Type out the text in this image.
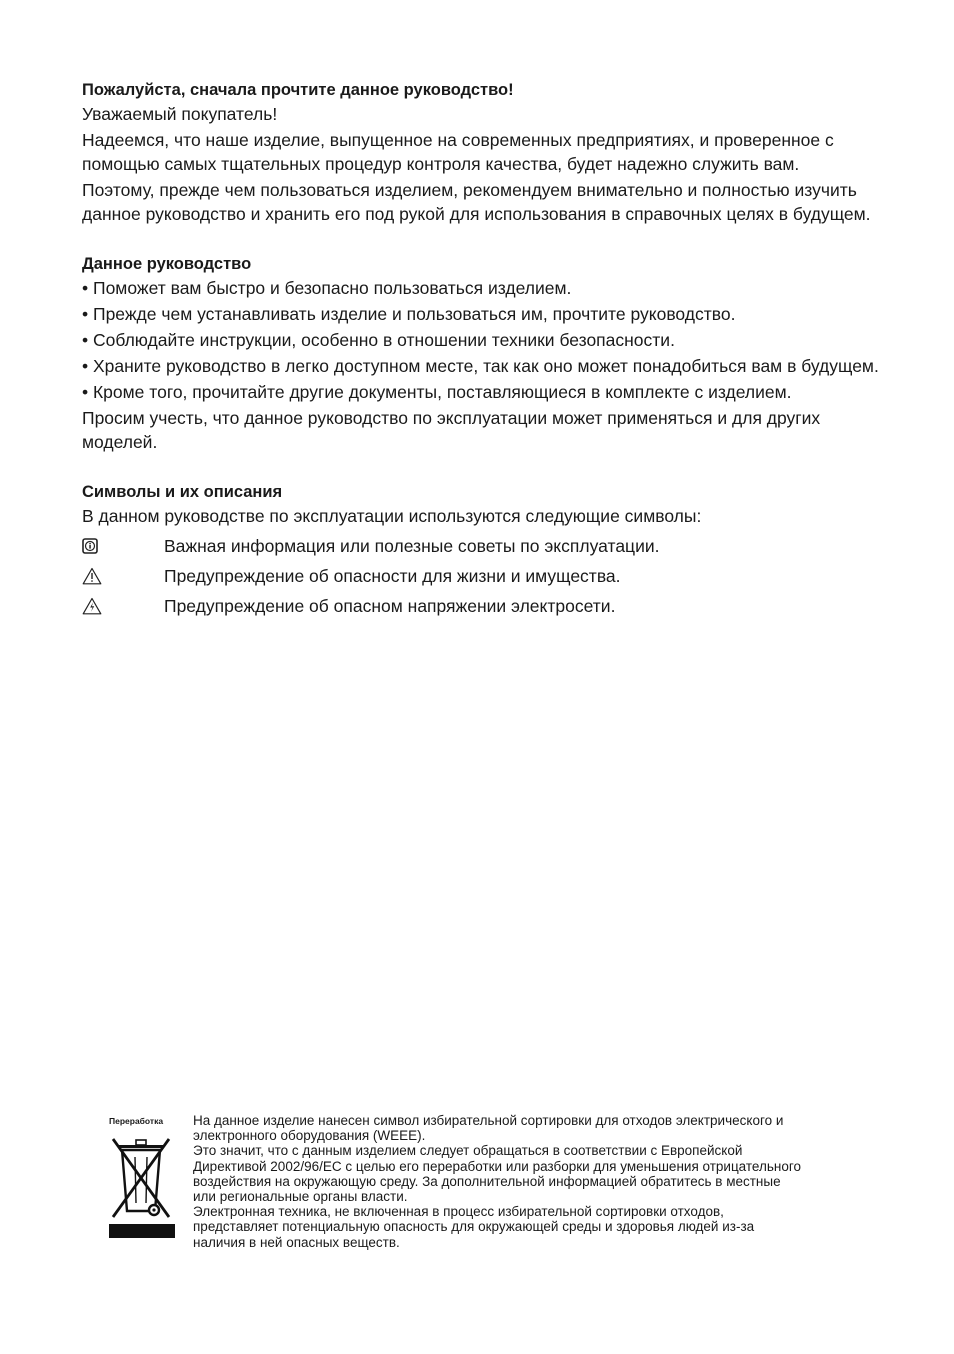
Пожалуйста, сначала прочтите данное руководство!

Уважаемый покупатель!

Надеемся, что наше изделие, выпущенное на современных предприятиях, и проверенное с помощью самых тщательных процедур контроля качества, будет надежно служить вам.

Поэтому, прежде чем пользоваться изделием, рекомендуем внимательно и полностью изучить данное руководство и хранить его под рукой для использования в справочных целях в будущем.

Данное руководство

• Поможет вам быстро и безопасно пользоваться изделием.

• Прежде чем устанавливать изделие и пользоваться им, прочтите руководство.

• Соблюдайте инструкции, особенно в отношении техники безопасности.

• Храните руководство в легко доступном месте, так как оно может понадобиться вам в будущем.

• Кроме того, прочитайте другие документы, поставляющиеся в комплекте с изделием.

Просим учесть, что данное руководство по эксплуатации может применяться и для других моделей.

Символы и их описания

В данном руководстве по эксплуатации используются следующие символы:

Важная информация или полезные советы по эксплуатации.
Предупреждение об опасности для жизни и имущества.
Предупреждение об опасном напряжении электросети.
Переработка	На данное изделие нанесен символ избирательной сортировки для отходов электрического и
электронного оборудования (WEEE).
Это значит, что с данным изделием следует обращаться в соответствии с Европейской
Директивой 2002/96/ЕС с целью его переработки или разборки для уменьшения отрицательного
воздействия на окружающую среду. За дополнительной информацией обратитесь в местные
или региональные органы власти.
Электронная техника, не включенная в процесс избирательной сортировки отходов,
представляет потенциальную опасность для окружающей среды и здоровья людей из-за
наличия в ней опасных веществ.
